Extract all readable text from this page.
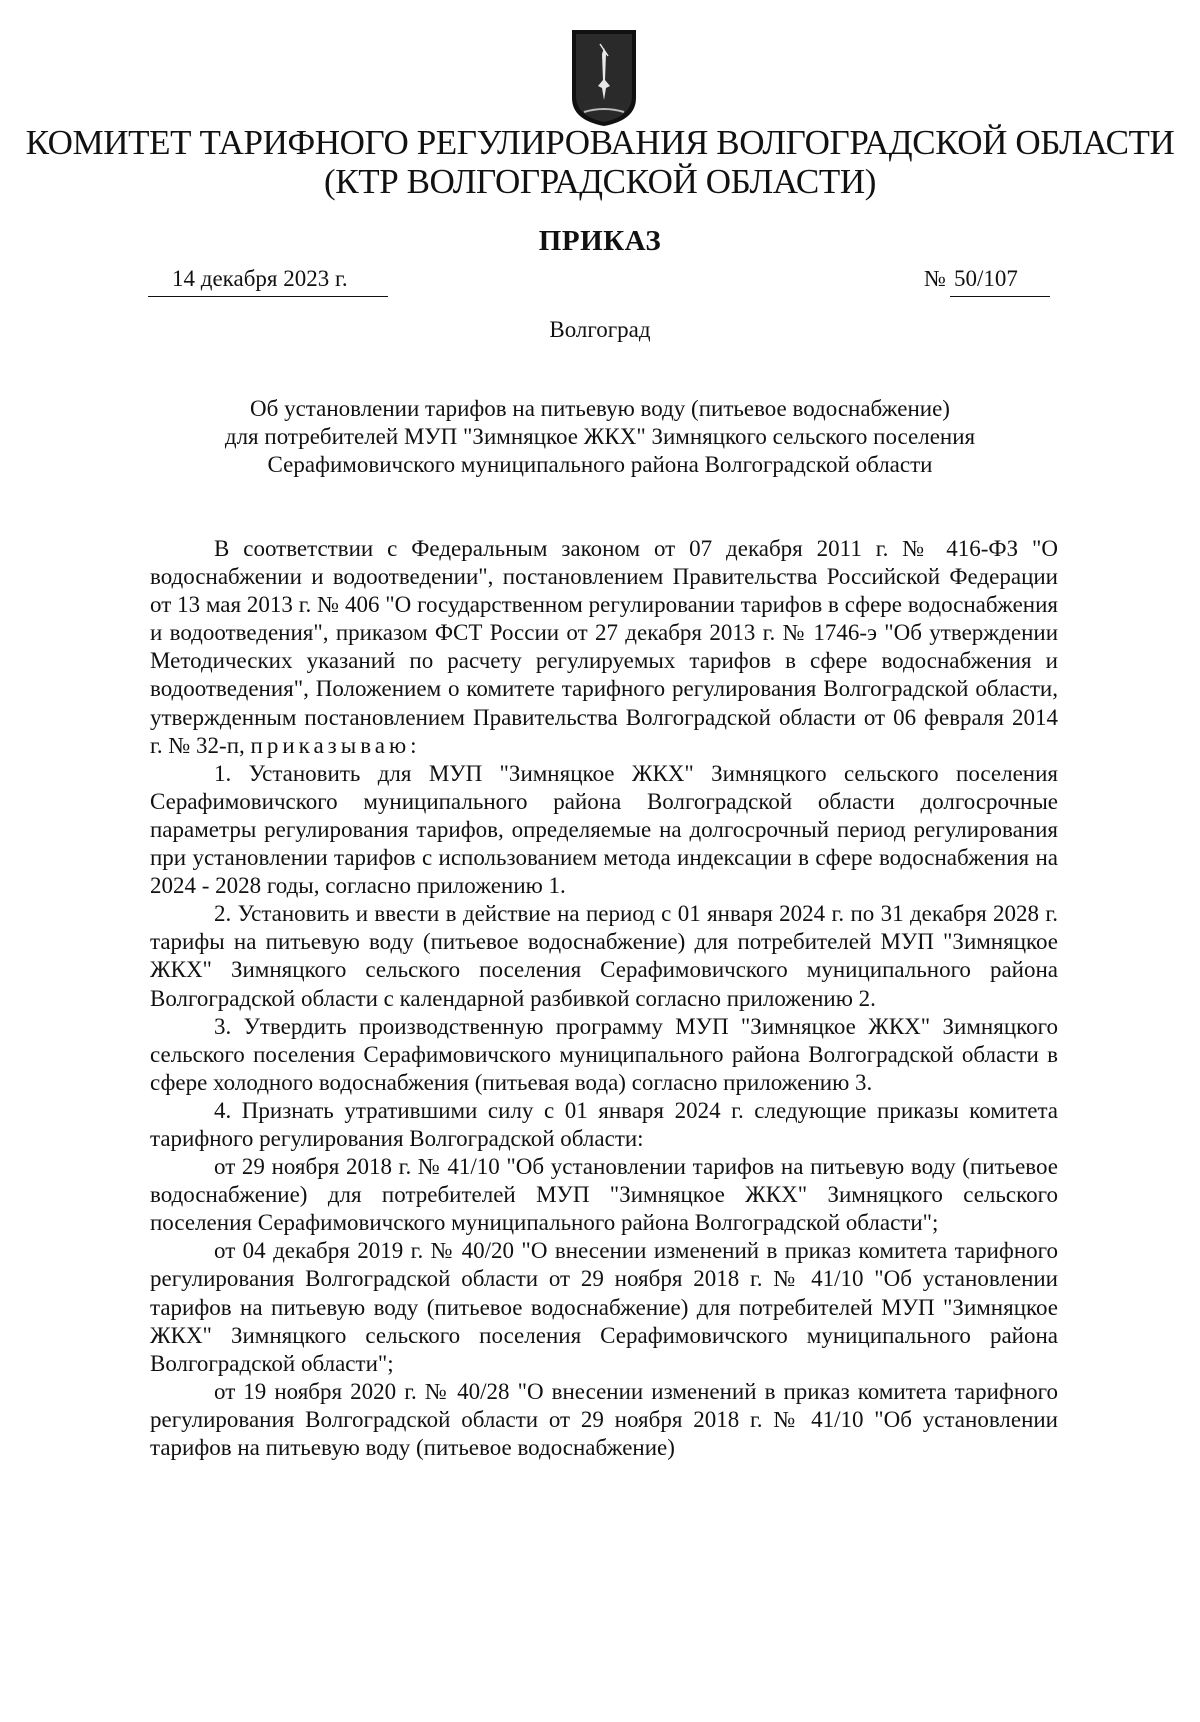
КОМИТЕТ ТАРИФНОГО РЕГУЛИРОВАНИЯ ВОЛГОГРАДСКОЙ ОБЛАСТИ
(КТР ВОЛГОГРАДСКОЙ ОБЛАСТИ)
ПРИКАЗ
14 декабря 2023 г.	№ 50/107
Волгоград
Об установлении тарифов на питьевую воду (питьевое водоснабжение)
для потребителей МУП "Зимняцкое ЖКХ" Зимняцкого сельского поселения
Серафимовичского муниципального района Волгоградской области

В соответствии с Федеральным законом от 07 декабря 2011 г. № 416-ФЗ "О водоснабжении и водоотведении", постановлением Правительства Российской Федерации от 13 мая 2013 г. № 406 "О государственном регулировании тарифов в сфере водоснабжения и водоотведения", приказом ФСТ России от 27 декабря 2013 г. № 1746-э "Об утверждении Методических указаний по расчету регулируемых тарифов в сфере водоснабжения и водоотведения", Положением о комитете тарифного регулирования Волгоградской области, утвержденным постановлением Правительства Волгоградской области от 06 февраля 2014 г. № 32-п, приказываю:

1. Установить для МУП "Зимняцкое ЖКХ" Зимняцкого сельского поселения Серафимовичского муниципального района Волгоградской области долгосрочные параметры регулирования тарифов, определяемые на долгосрочный период регулирования при установлении тарифов с использованием метода индексации в сфере водоснабжения на 2024 - 2028 годы, согласно приложению 1.

2. Установить и ввести в действие на период с 01 января 2024 г. по 31 декабря 2028 г. тарифы на питьевую воду (питьевое водоснабжение) для потребителей МУП "Зимняцкое ЖКХ" Зимняцкого сельского поселения Серафимовичского муниципального района Волгоградской области с календарной разбивкой согласно приложению 2.

3. Утвердить производственную программу МУП "Зимняцкое ЖКХ" Зимняцкого сельского поселения Серафимовичского муниципального района Волгоградской области в сфере холодного водоснабжения (питьевая вода) согласно приложению 3.

4. Признать утратившими силу с 01 января 2024 г. следующие приказы комитета тарифного регулирования Волгоградской области:

от 29 ноября 2018 г. № 41/10 "Об установлении тарифов на питьевую воду (питьевое водоснабжение) для потребителей МУП "Зимняцкое ЖКХ" Зимняцкого сельского поселения Серафимовичского муниципального района Волгоградской области";

от 04 декабря 2019 г. № 40/20 "О внесении изменений в приказ комитета тарифного регулирования Волгоградской области от 29 ноября 2018 г. № 41/10 "Об установлении тарифов на питьевую воду (питьевое водоснабжение) для потребителей МУП "Зимняцкое ЖКХ" Зимняцкого сельского поселения Серафимовичского муниципального района Волгоградской области";

от 19 ноября 2020 г. № 40/28 "О внесении изменений в приказ комитета тарифного регулирования Волгоградской области от 29 ноября 2018 г. № 41/10 "Об установлении тарифов на питьевую воду (питьевое водоснабжение)
